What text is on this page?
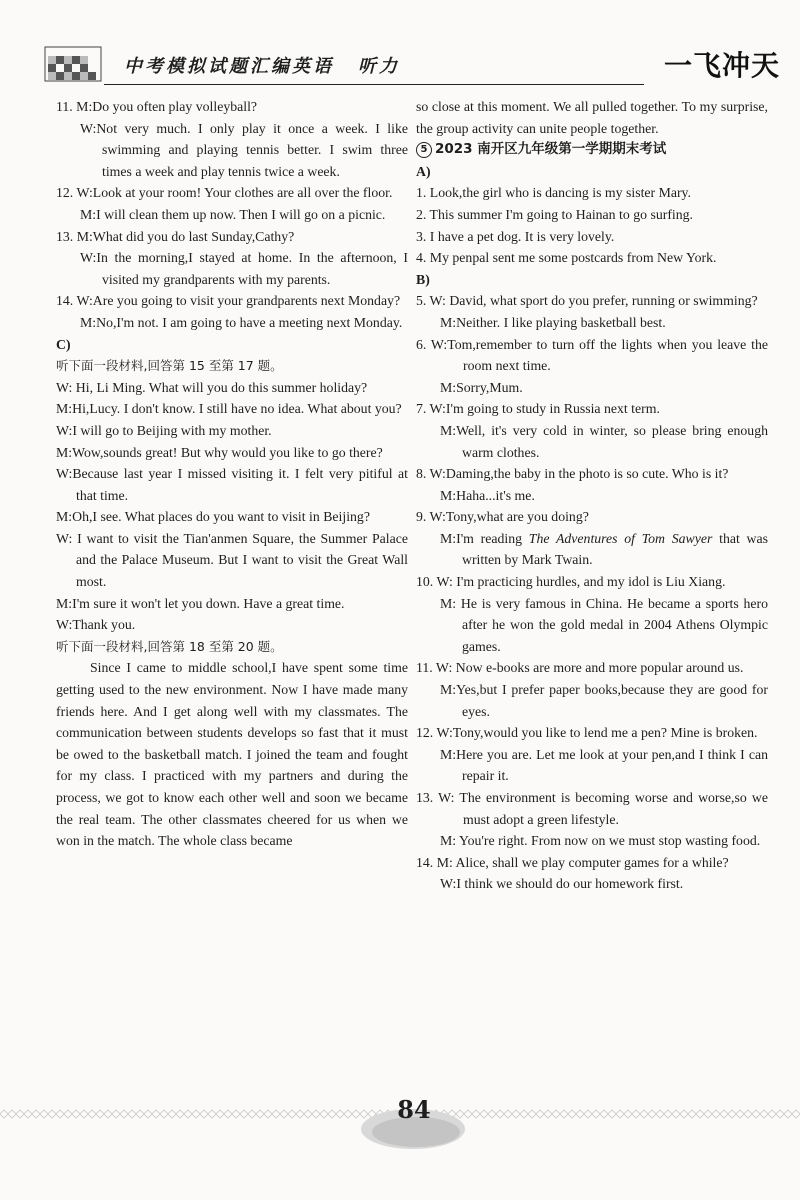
中考模拟试题汇编英语 听力	一飞冲天

11. M:Do you often play volleyball?

W:Not very much. I only play it once a week. I like swimming and playing tennis better. I swim three times a week and play tennis twice a week.

12. W:Look at your room! Your clothes are all over the floor.

M:I will clean them up now. Then I will go on a picnic.

13. M:What did you do last Sunday,Cathy?

W:In the morning,I stayed at home. In the afternoon, I visited my grandparents with my parents.

14. W:Are you going to visit your grandparents next Monday?

M:No,I'm not. I am going to have a meeting next Monday.

C)

听下面一段材料,回答第 15 至第 17 题。

W: Hi, Li Ming. What will you do this summer holiday?

M:Hi,Lucy. I don't know. I still have no idea. What about you?

W:I will go to Beijing with my mother.

M:Wow,sounds great! But why would you like to go there?

W:Because last year I missed visiting it. I felt very pitiful at that time.

M:Oh,I see. What places do you want to visit in Beijing?

W: I want to visit the Tian'anmen Square, the Summer Palace and the Palace Museum. But I want to visit the Great Wall most.

M:I'm sure it won't let you down. Have a great time.

W:Thank you.

听下面一段材料,回答第 18 至第 20 题。

Since I came to middle school,I have spent some time getting used to the new environment. Now I have made many friends here. And I get along well with my classmates. The communication between students develops so fast that it must be owed to the basketball match. I joined the team and fought for my class. I practiced with my partners and during the process, we got to know each other well and soon we became the real team. The other classmates cheered for us when we won in the match. The whole class became

so close at this moment. We all pulled together. To my surprise, the group activity can unite people together.

5 2023 南开区九年级第一学期期末考试

A)

1. Look,the girl who is dancing is my sister Mary.

2. This summer I'm going to Hainan to go surfing.

3. I have a pet dog. It is very lovely.

4. My penpal sent me some postcards from New York.

B)

5. W: David, what sport do you prefer, running or swimming?

M:Neither. I like playing basketball best.

6. W:Tom,remember to turn off the lights when you leave the room next time.

M:Sorry,Mum.

7. W:I'm going to study in Russia next term.

M:Well, it's very cold in winter, so please bring enough warm clothes.

8. W:Daming,the baby in the photo is so cute. Who is it?

M:Haha...it's me.

9. W:Tony,what are you doing?

M:I'm reading The Adventures of Tom Sawyer that was written by Mark Twain.

10. W: I'm practicing hurdles, and my idol is Liu Xiang.

M: He is very famous in China. He became a sports hero after he won the gold medal in 2004 Athens Olympic games.

11. W: Now e-books are more and more popular around us.

M:Yes,but I prefer paper books,because they are good for eyes.

12. W:Tony,would you like to lend me a pen? Mine is broken.

M:Here you are. Let me look at your pen,and I think I can repair it.

13. W: The environment is becoming worse and worse,so we must adopt a green lifestyle.

M: You're right. From now on we must stop wasting food.

14. M: Alice, shall we play computer games for a while?

W:I think we should do our homework first.

84
